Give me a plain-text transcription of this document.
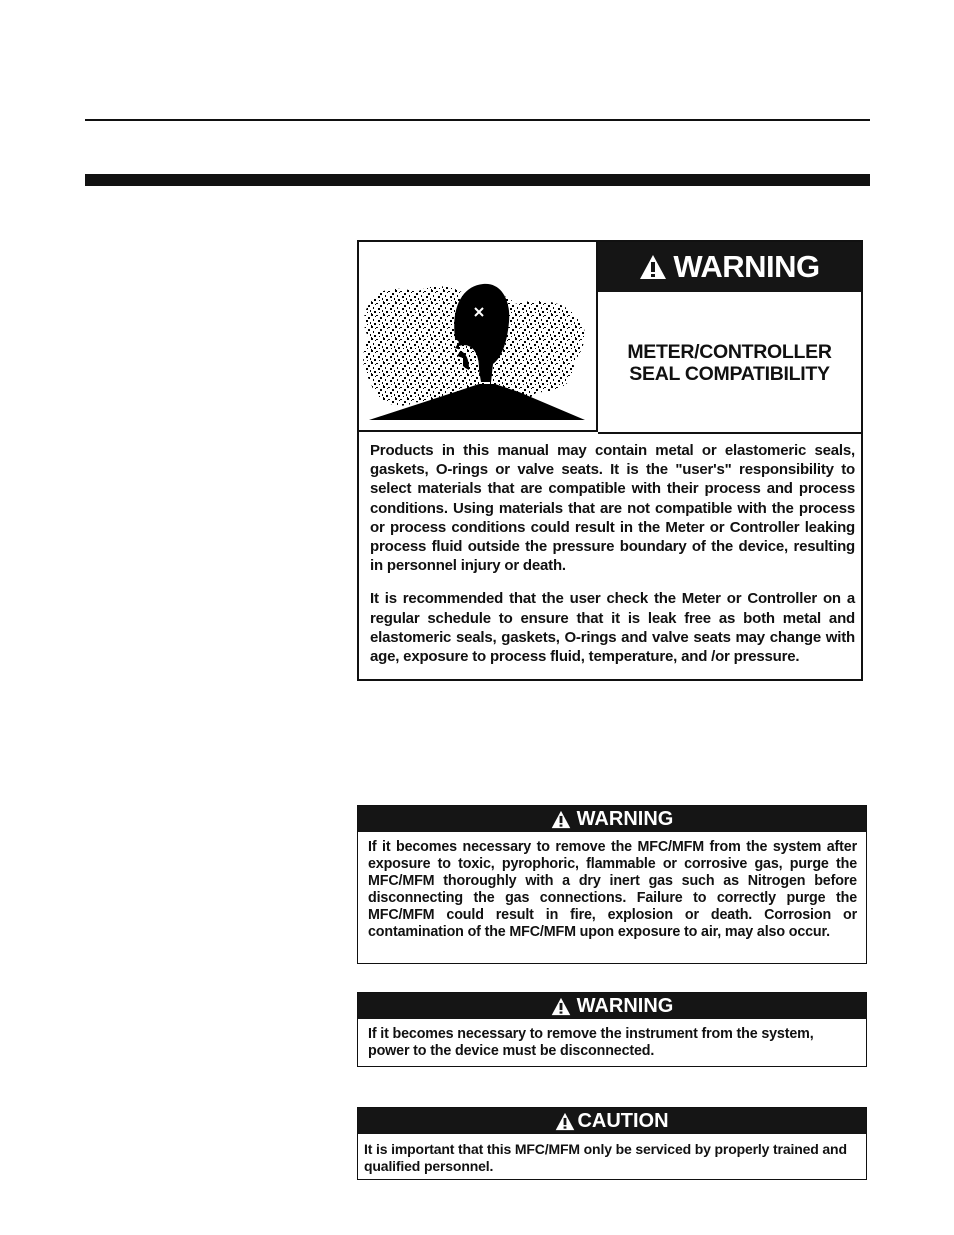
WARNING
METER/CONTROLLER
SEAL COMPATIBILITY

Products in this manual may contain metal or elastomeric seals, gaskets, O-rings or valve seats. It is the "user's" responsibility to select materials that are compatible with their process and process conditions. Using materials that are not compatible with the process or process conditions could result in the Meter or Controller leaking process fluid outside the pressure boundary of the device, resulting in personnel injury or death.

It is recommended that the user check the Meter or Controller on a regular schedule to ensure that it is leak free as both metal and elastomeric seals, gaskets, O-rings and valve seats may change with age, exposure to process fluid, temperature, and /or pressure.

WARNING
If it becomes necessary to remove the MFC/MFM from the system after exposure to toxic, pyrophoric, flammable or corrosive gas, purge the MFC/MFM thoroughly with a dry inert gas such as Nitrogen before disconnecting the gas connections. Failure to correctly purge the MFC/MFM could result in fire, explosion or death. Corrosion or contamination of the MFC/MFM upon exposure to air, may also occur.
WARNING
If it becomes necessary to remove the instrument from the system, power to the device must be disconnected.
CAUTION
It is important that this MFC/MFM only be serviced by properly trained and qualified personnel.
